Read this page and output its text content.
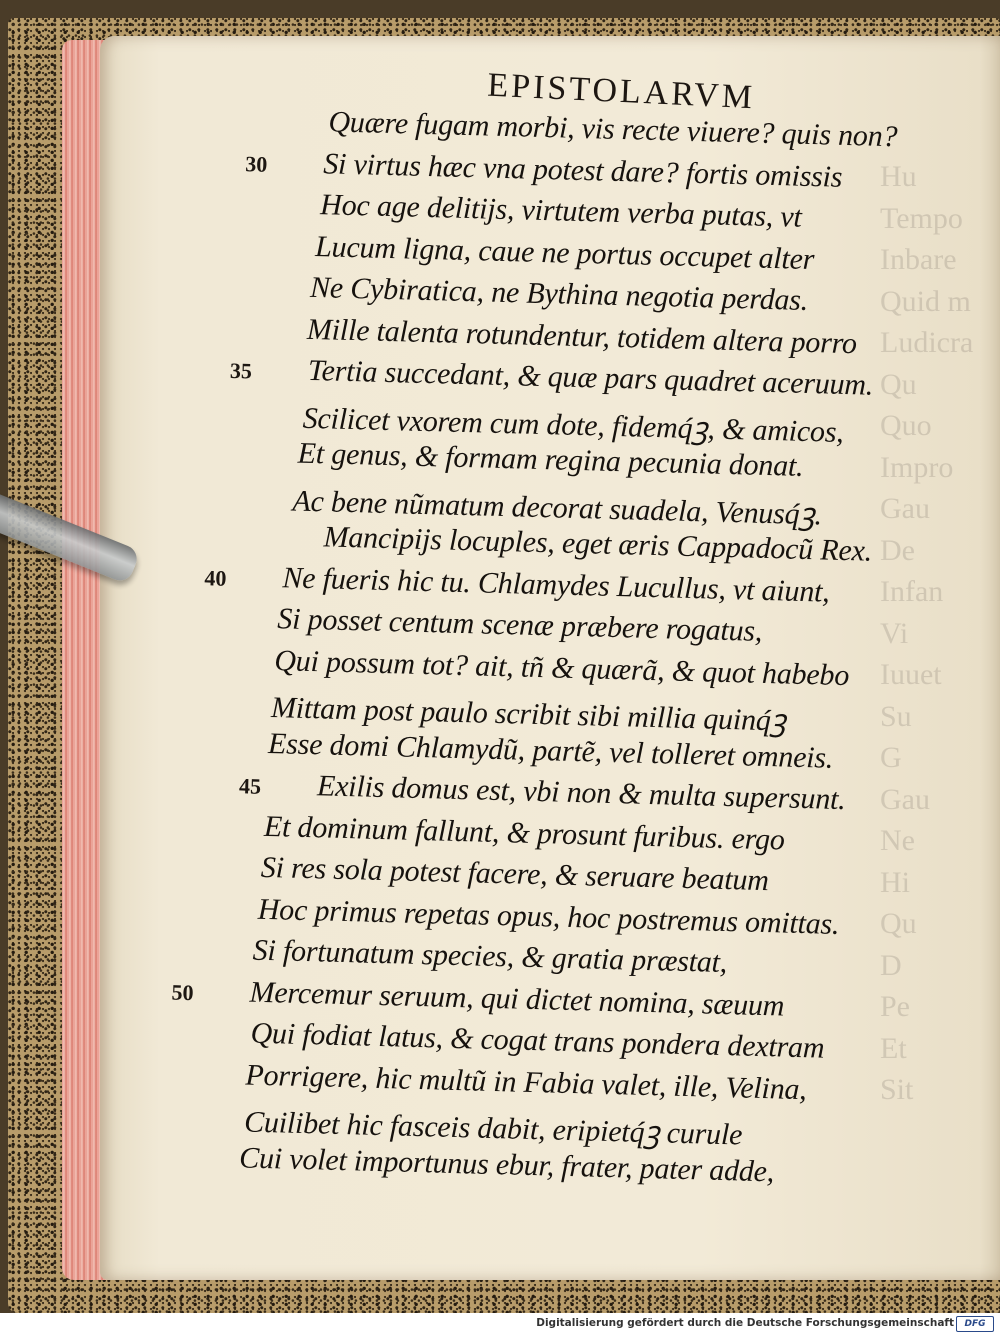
Hu
Tempo
Inbare
Quid m
Ludicra
Qu
Quo
Impro
Gau
De
Infan
Vi
Iuuet
Su
G
Gau
Ne
Hi
Qu
D
Pe
Et
Sit
EPISTOLARVM
Quære fugam morbi, vis recte viuere? quis non?
Si virtus hæc vna potest dare? fortis omissis
30
Hoc age delitijs, virtutem verba putas, vt
Lucum ligna, caue ne portus occupet alter
Ne Cybiratica, ne Bythina negotia perdas.
Mille talenta rotundentur, totidem altera porro
Tertia succedant, & quæ pars quadret aceruum.
35
Scilicet vxorem cum dote, fidemq́ꝫ, & amicos,
Et genus, & formam regina pecunia donat.
Ac bene nũmatum decorat suadela, Venusq́ꝫ.
Mancipijs locuples, eget æris Cappadocũ Rex.
Ne fueris hic tu. Chlamydes Lucullus, vt aiunt,
40
Si posset centum scenæ præbere rogatus,
Qui possum tot? ait, tñ & quærã, & quot habebo
Mittam post paulo scribit sibi millia quinq́ꝫ
Esse domi Chlamydũ, partẽ, vel tolleret omneis.
Exilis domus est, vbi non & multa supersunt.
45
Et dominum fallunt, & prosunt furibus. ergo
Si res sola potest facere, & seruare beatum
Hoc primus repetas opus, hoc postremus omittas.
Si fortunatum species, & gratia præstat,
Mercemur seruum, qui dictet nomina, sæuum
50
Qui fodiat latus, & cogat trans pondera dextram
Porrigere, hic multũ in Fabia valet, ille, Velina,
Cuilibet hic fasceis dabit, eripietq́ꝫ curule
Cui volet importunus ebur, frater, pater adde,
Digitalisierung gefördert durch die Deutsche Forschungsgemeinschaft	DFG
